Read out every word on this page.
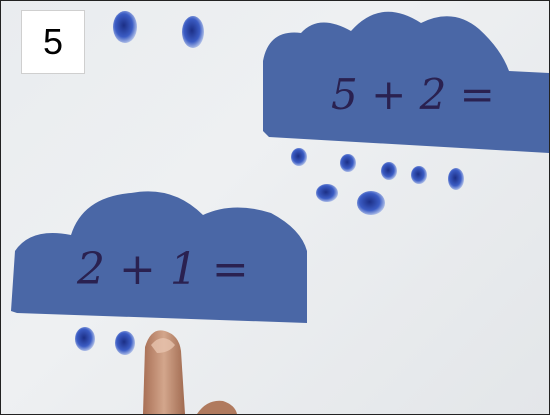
5 + 2 =
2 + 1 =
5
